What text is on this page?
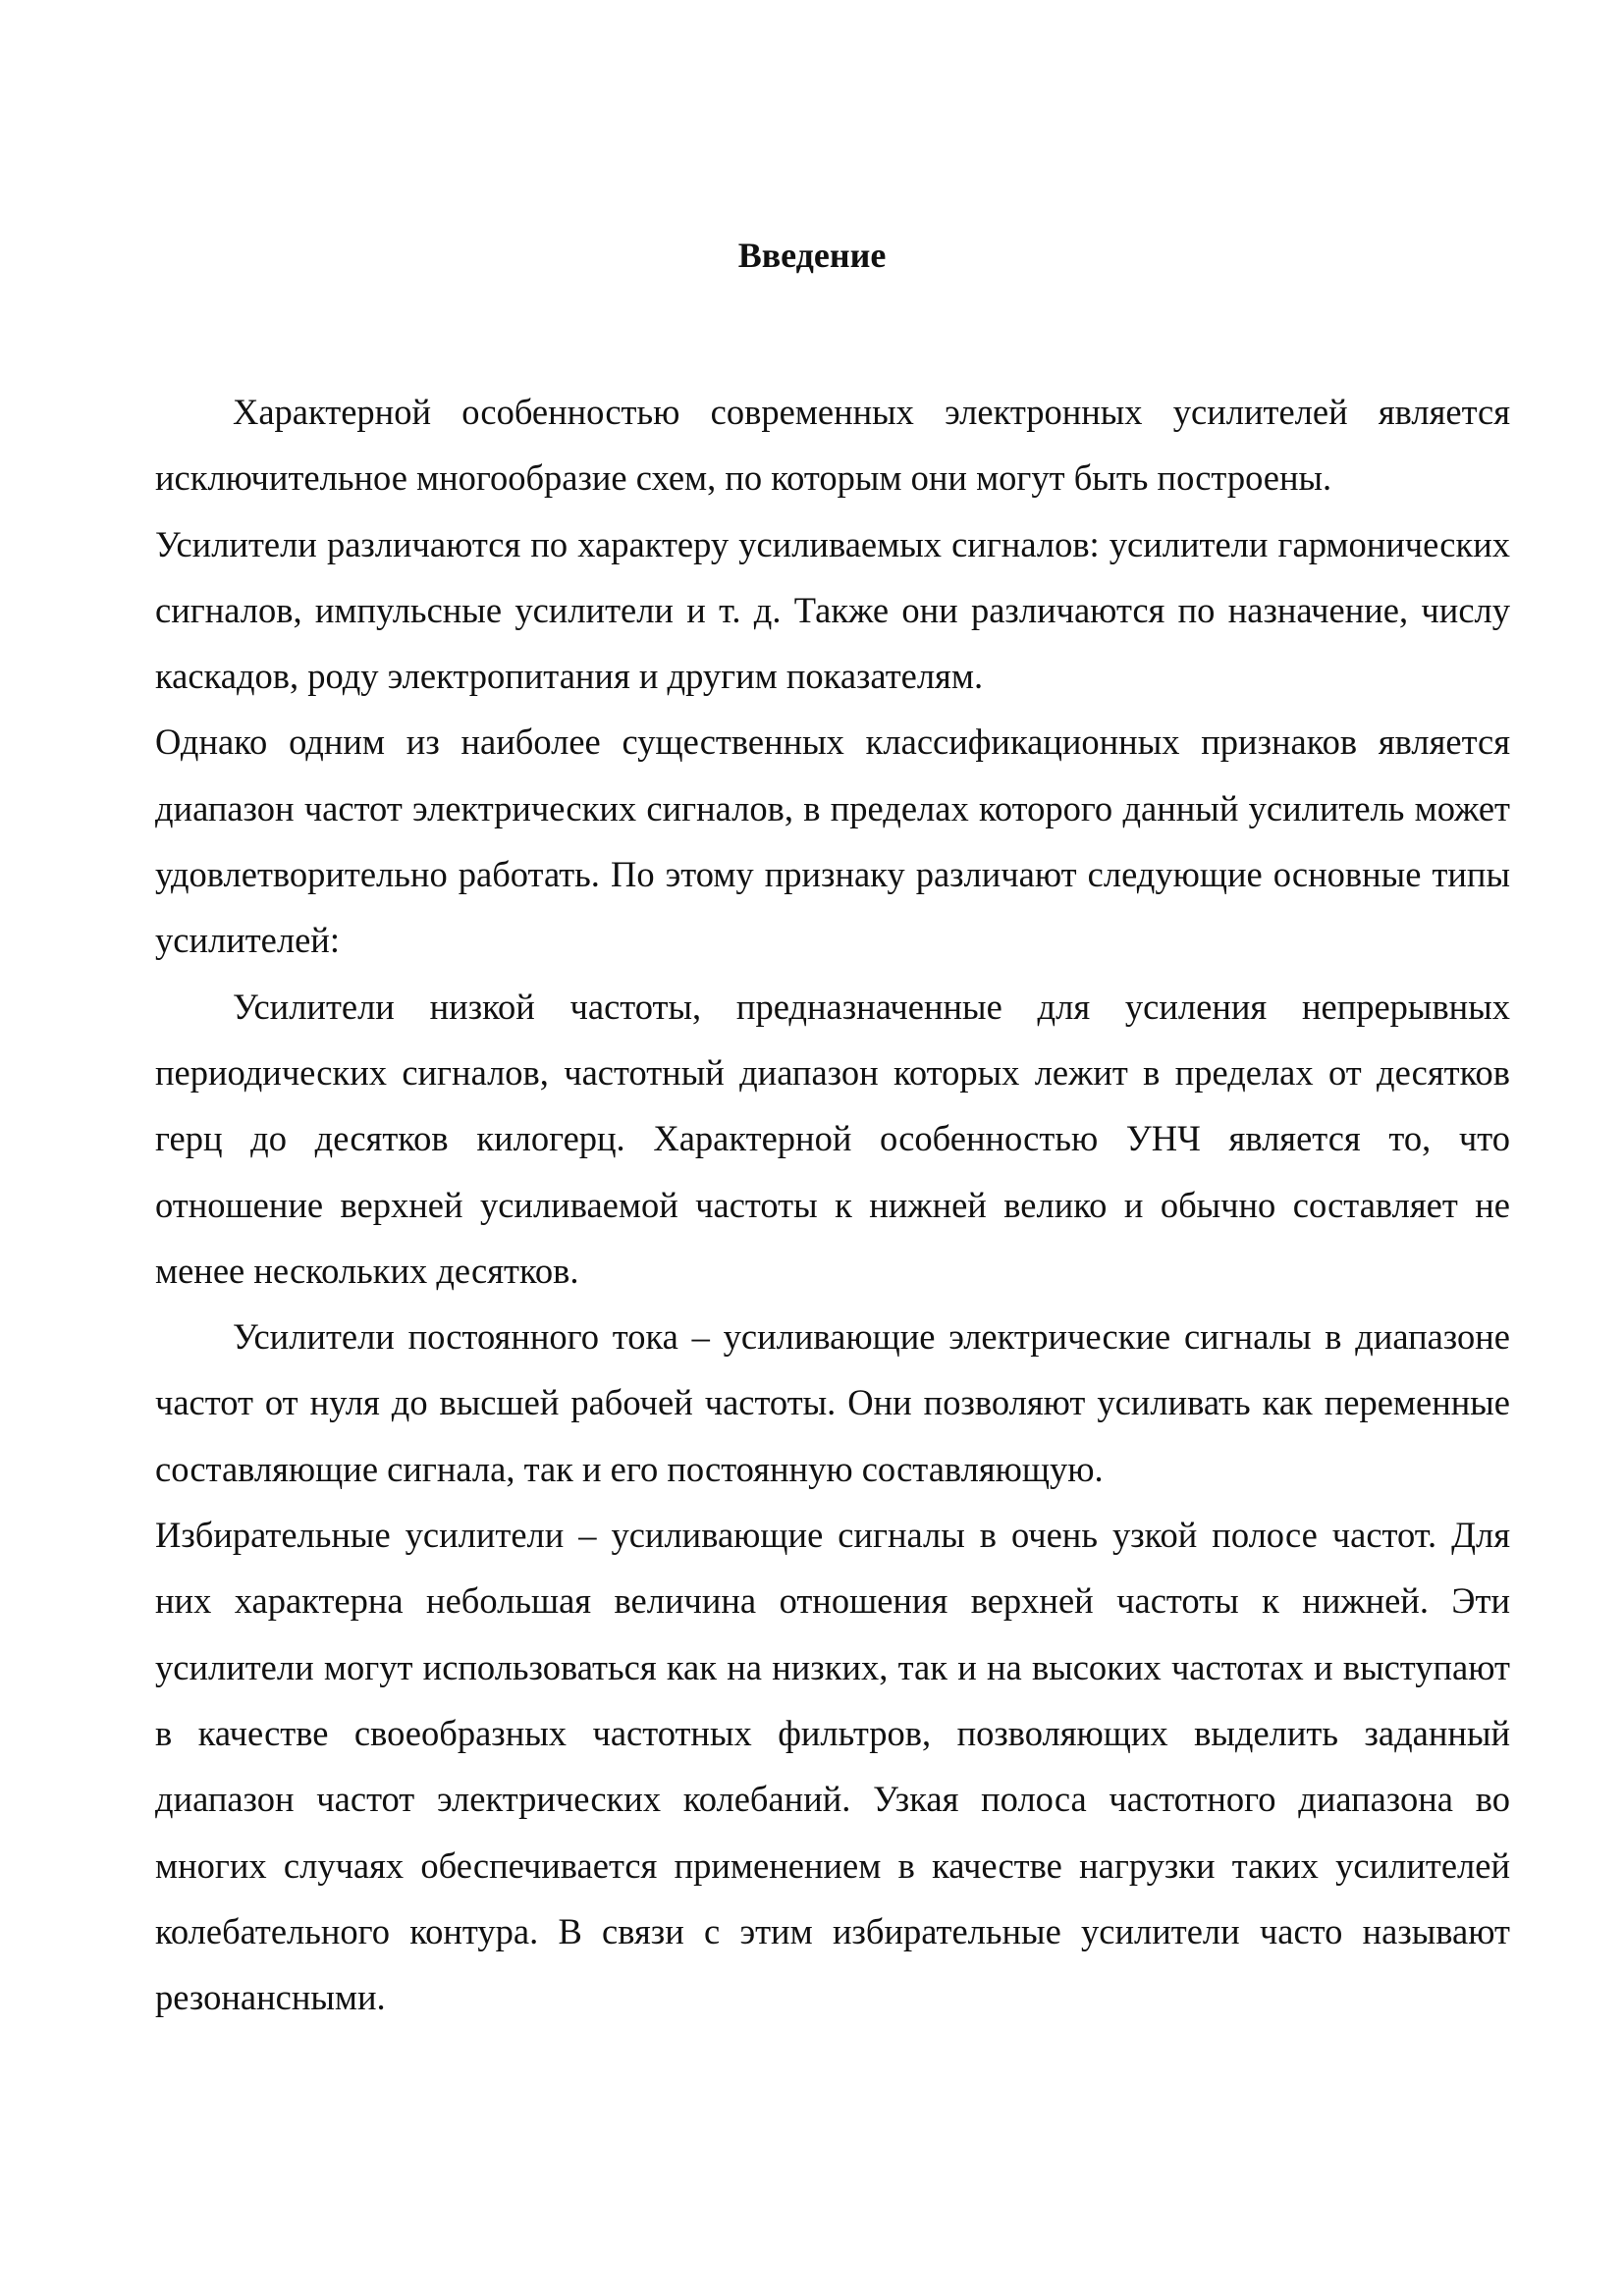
Введение

Характерной особенностью современных электронных усилителей является исключительное многообразие схем, по которым они могут быть построены.

Усилители различаются по характеру усиливаемых сигналов: усилители гармонических сигналов, импульсные усилители и т. д. Также они различаются по назначение, числу каскадов, роду электропитания и другим показателям.

Однако одним из наиболее существенных классификационных признаков является диапазон частот электрических сигналов, в пределах которого данный усилитель может удовлетворительно работать. По этому признаку различают следующие основные типы усилителей:

Усилители низкой частоты, предназначенные для усиления непрерывных периодических сигналов, частотный диапазон которых лежит в пределах от десятков герц до десятков килогерц. Характерной особенностью УНЧ является то, что отношение верхней усиливаемой частоты к нижней велико и обычно составляет не менее нескольких десятков.

Усилители постоянного тока – усиливающие электрические сигналы в диапазоне частот от нуля до высшей рабочей частоты. Они позволяют усиливать как переменные составляющие сигнала, так и его постоянную составляющую.

Избирательные усилители – усиливающие сигналы в очень узкой полосе частот. Для них характерна небольшая величина отношения верхней частоты к нижней. Эти усилители могут использоваться как на низких, так и на высоких частотах и выступают в качестве своеобразных частотных фильтров, позволяющих выделить заданный диапазон частот электрических колебаний. Узкая полоса частотного диапазона во многих случаях обеспечивается применением в качестве нагрузки таких усилителей колебательного контура. В связи с этим избирательные усилители часто называют резонансными.
